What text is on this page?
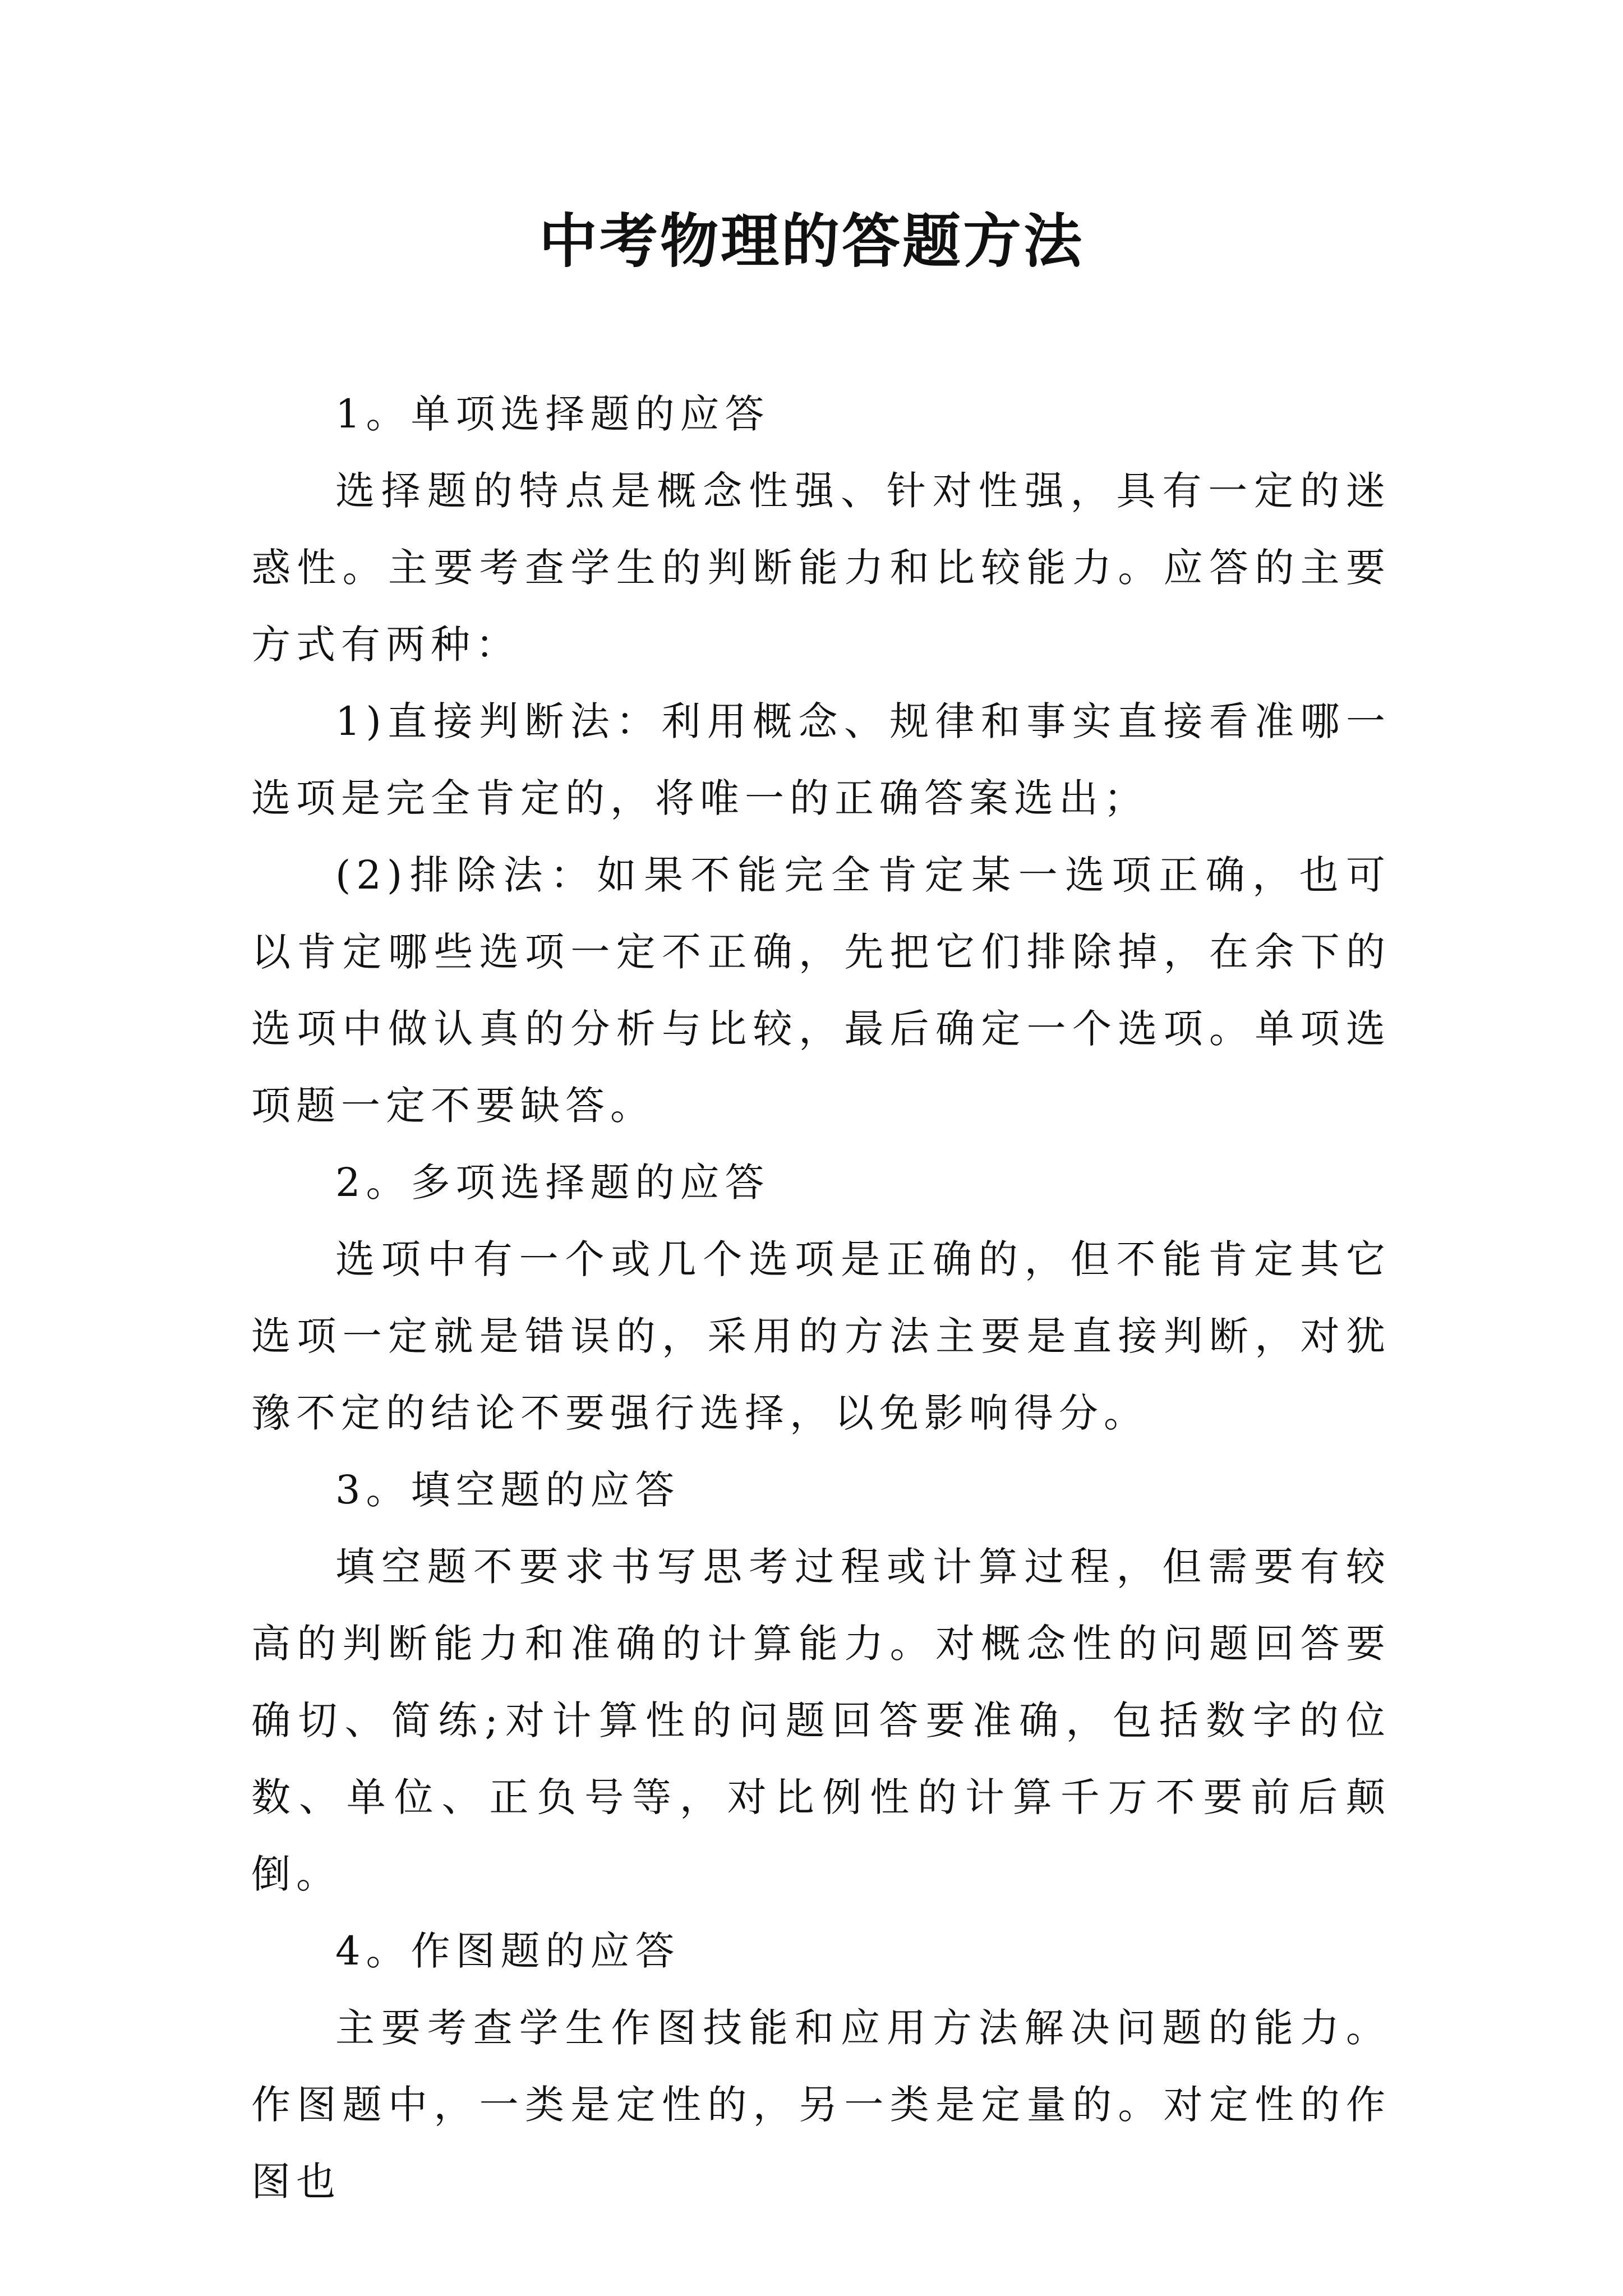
中考物理的答题方法

1。单项选择题的应答

选择题的特点是概念性强、针对性强，具有一定的迷惑性。主要考查学生的判断能力和比较能力。应答的主要方式有两种：

1)直接判断法：利用概念、规律和事实直接看准哪一选项是完全肯定的，将唯一的正确答案选出；

(2)排除法：如果不能完全肯定某一选项正确，也可以肯定哪些选项一定不正确，先把它们排除掉，在余下的选项中做认真的分析与比较，最后确定一个选项。单项选项题一定不要缺答。

2。多项选择题的应答

选项中有一个或几个选项是正确的，但不能肯定其它选项一定就是错误的，采用的方法主要是直接判断，对犹豫不定的结论不要强行选择，以免影响得分。

3。填空题的应答

填空题不要求书写思考过程或计算过程，但需要有较高的判断能力和准确的计算能力。对概念性的问题回答要确切、简练;对计算性的问题回答要准确，包括数字的位数、单位、正负号等，对比例性的计算千万不要前后颠倒。

4。作图题的应答

主要考查学生作图技能和应用方法解决问题的能力。作图题中，一类是定性的，另一类是定量的。对定性的作图也
